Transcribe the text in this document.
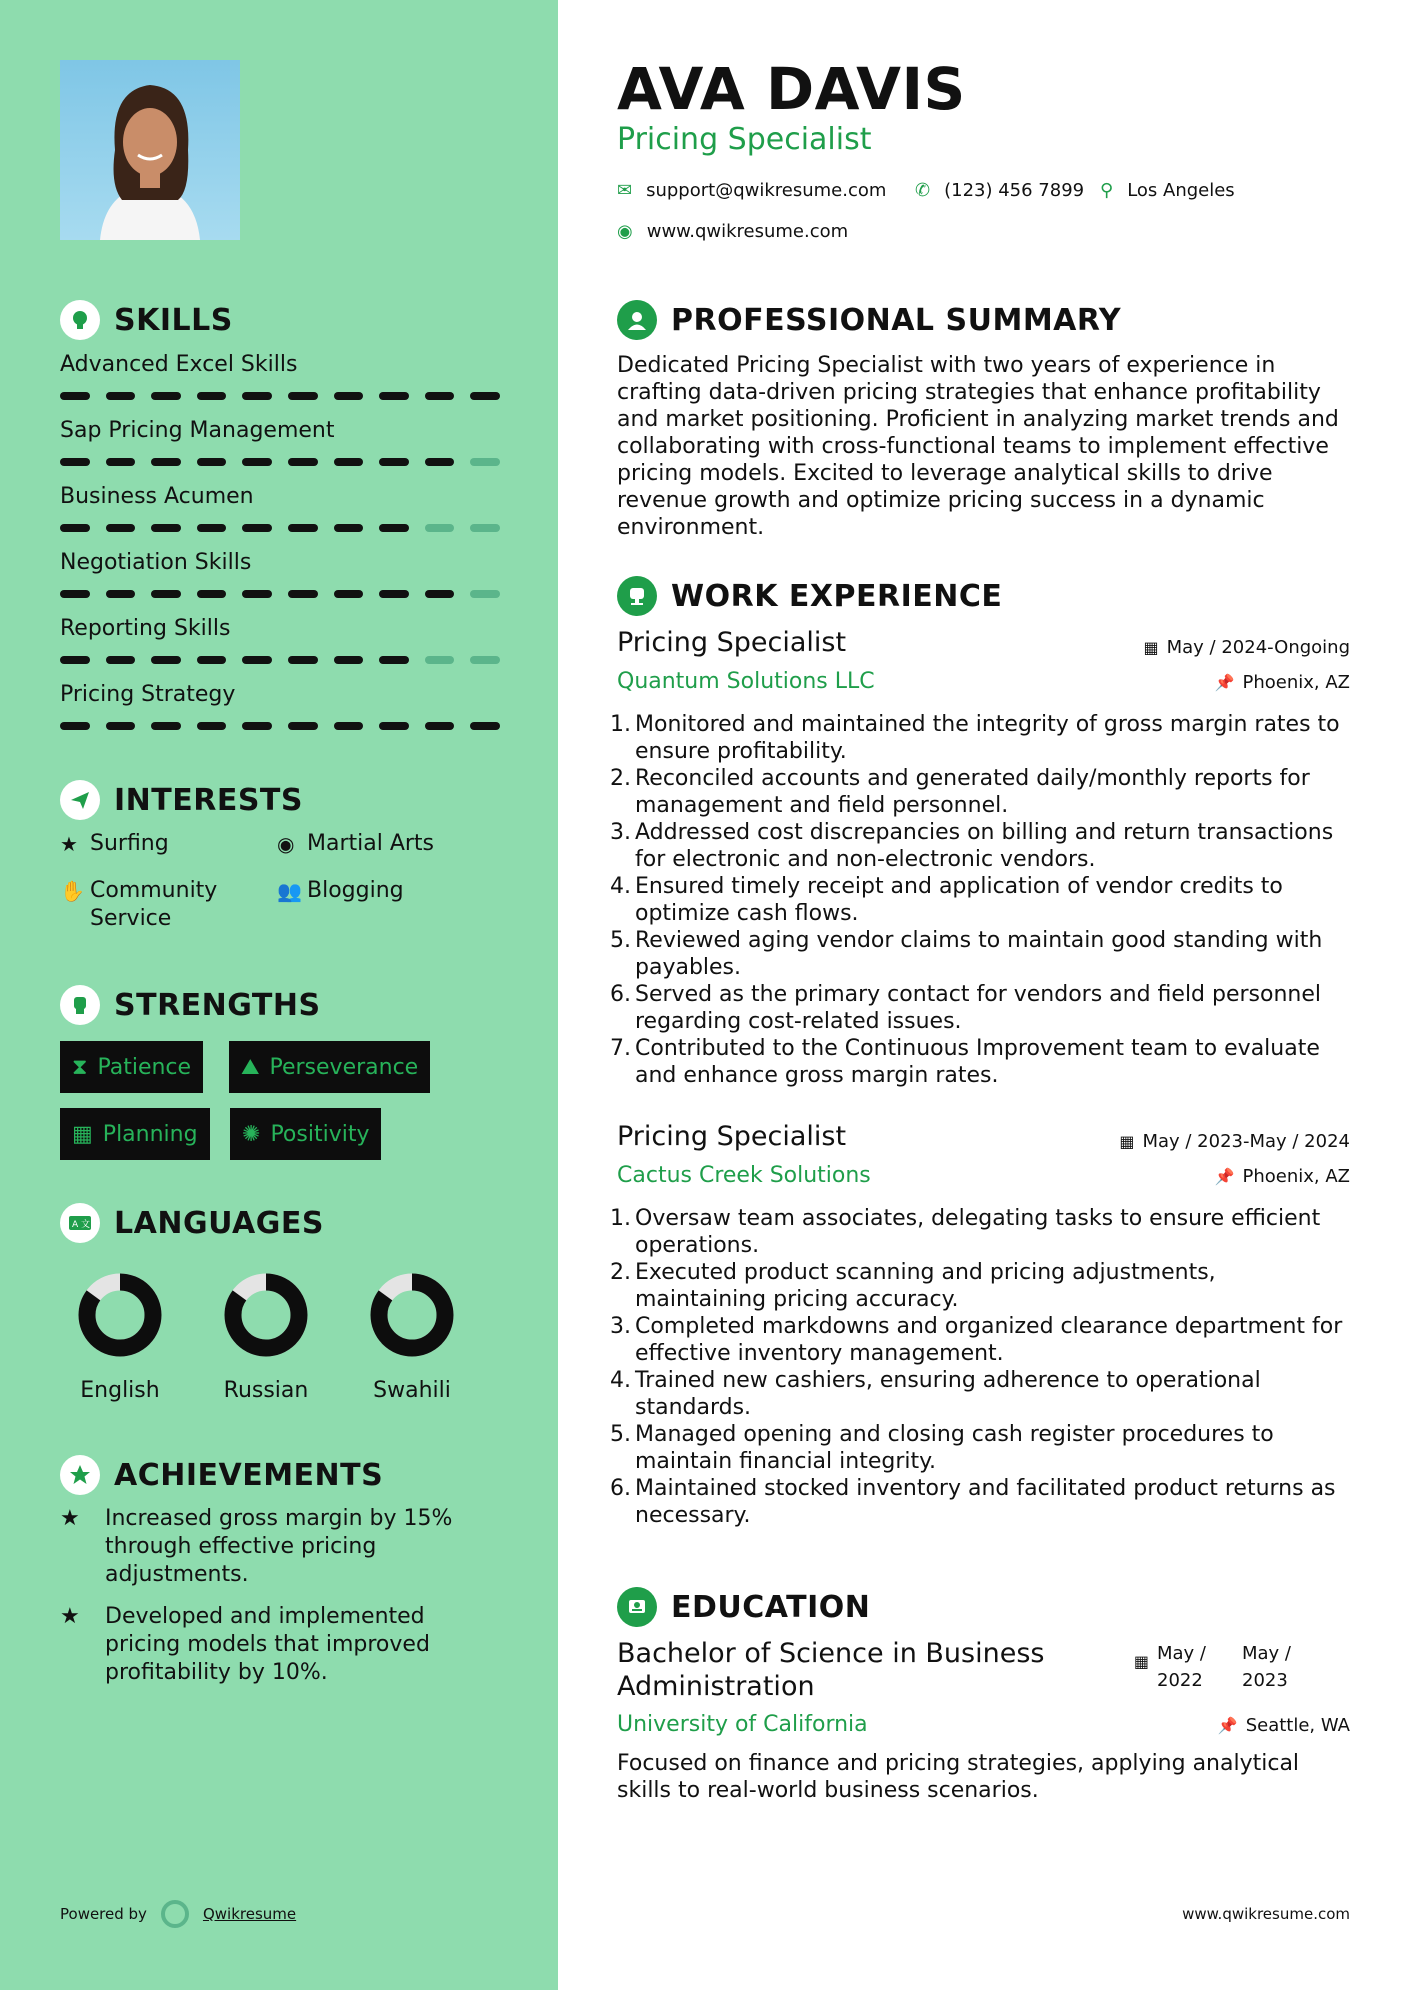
SKILLS
Advanced Excel Skills
Sap Pricing Management
Business Acumen
Negotiation Skills
Reporting Skills
Pricing Strategy
INTERESTS
★ Surfing	◉ Martial Arts
✋ Community Service
👥 Blogging
STRENGTHS
⧗ Patience ⛰ Perseverance
▦ Planning ✺ Positivity
A 文 LANGUAGES
English	Russian	Swahili
ACHIEVEMENTS
★	Increased gross margin by 15% through effective pricing adjustments.
★	Developed and implemented pricing models that improved profitability by 10%.
Powered by	Qwikresume
AVA DAVIS
Pricing Specialist
✉ support@qwikresume.com ✆ (123) 456 7899 ⚲ Los Angeles
◉ www.qwikresume.com
PROFESSIONAL SUMMARY
Dedicated Pricing Specialist with two years of experience in crafting data-driven pricing strategies that enhance profitability and market positioning. Proficient in analyzing market trends and collaborating with cross-functional teams to implement effective pricing models. Excited to leverage analytical skills to drive revenue growth and optimize pricing success in a dynamic environment.
WORK EXPERIENCE
Pricing Specialist	▦ May / 2024-Ongoing
Quantum Solutions LLC	📌 Phoenix, AZ
1. Monitored and maintained the integrity of gross margin rates to ensure profitability.
2. Reconciled accounts and generated daily/monthly reports for management and field personnel.
3. Addressed cost discrepancies on billing and return transactions for electronic and non-electronic vendors.
4. Ensured timely receipt and application of vendor credits to optimize cash flows.
5. Reviewed aging vendor claims to maintain good standing with payables.
6. Served as the primary contact for vendors and field personnel regarding cost-related issues.
7. Contributed to the Continuous Improvement team to evaluate and enhance gross margin rates.
Pricing Specialist	▦ May / 2023-May / 2024
Cactus Creek Solutions	📌 Phoenix, AZ
1. Oversaw team associates, delegating tasks to ensure efficient operations.
2. Executed product scanning and pricing adjustments, maintaining pricing accuracy.
3. Completed markdowns and organized clearance department for effective inventory management.
4. Trained new cashiers, ensuring adherence to operational standards.
5. Managed opening and closing cash register procedures to maintain financial integrity.
6. Maintained stocked inventory and facilitated product returns as necessary.
EDUCATION
Bachelor of Science in Business Administration
▦ May / 2022
May / 2023
University of California	📌 Seattle, WA
Focused on finance and pricing strategies, applying analytical skills to real-world business scenarios.
www.qwikresume.com
